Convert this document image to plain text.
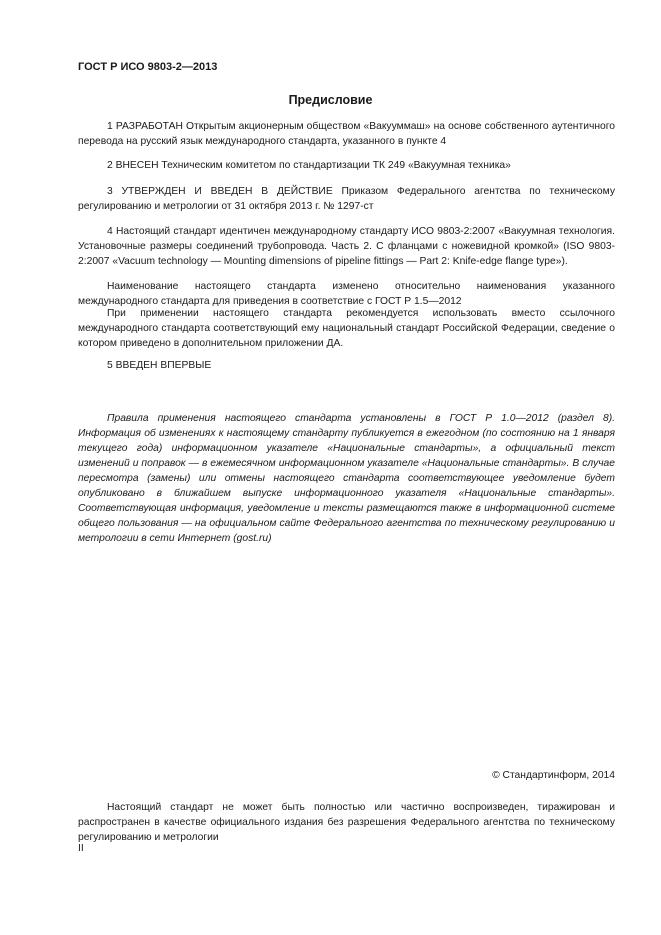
ГОСТ Р ИСО 9803-2—2013
Предисловие

1 РАЗРАБОТАН Открытым акционерным обществом «Вакууммаш» на основе собственного аутентичного перевода на русский язык международного стандарта, указанного в пункте 4

2 ВНЕСЕН Техническим комитетом по стандартизации ТК 249 «Вакуумная техника»

3 УТВЕРЖДЕН И ВВЕДЕН В ДЕЙСТВИЕ Приказом Федерального агентства по техническому регулированию и метрологии от 31 октября 2013 г. № 1297-ст

4 Настоящий стандарт идентичен международному стандарту ИСО 9803-2:2007 «Вакуумная технология. Установочные размеры соединений трубопровода. Часть 2. С фланцами с ножевидной кромкой» (ISO 9803-2:2007 «Vacuum technology — Mounting dimensions of pipeline fittings — Part 2: Knife-edge flange type»).

Наименование настоящего стандарта изменено относительно наименования указанного международного стандарта для приведения в соответствие с ГОСТ Р 1.5—2012

При применении настоящего стандарта рекомендуется использовать вместо ссылочного международного стандарта соответствующий ему национальный стандарт Российской Федерации, сведение о котором приведено в дополнительном приложении ДА.

5 ВВЕДЕН ВПЕРВЫЕ

Правила применения настоящего стандарта установлены в ГОСТ Р 1.0—2012 (раздел 8). Информация об изменениях к настоящему стандарту публикуется в ежегодном (по состоянию на 1 января текущего года) информационном указателе «Национальные стандарты», а официальный текст изменений и поправок — в ежемесячном информационном указателе «Национальные стандарты». В случае пересмотра (замены) или отмены настоящего стандарта соответствующее уведомление будет опубликовано в ближайшем выпуске информационного указателя «Национальные стандарты». Соответствующая информация, уведомление и тексты размещаются также в информационной системе общего пользования — на официальном сайте Федерального агентства по техническому регулированию и метрологии в сети Интернет (gost.ru)

© Стандартинформ, 2014

Настоящий стандарт не может быть полностью или частично воспроизведен, тиражирован и распространен в качестве официального издания без разрешения Федерального агентства по техническому регулированию и метрологии

II
